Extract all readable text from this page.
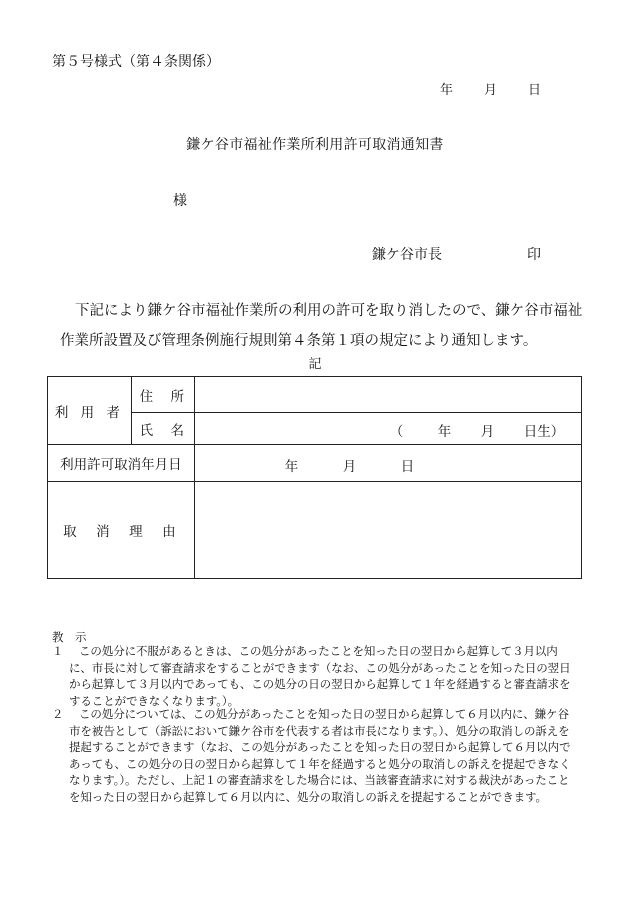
第５号様式（第４条関係）
年 月 日
鎌ケ谷市福祉作業所利用許可取消通知書
様
鎌ケ谷市長	印
下記により鎌ケ谷市福祉作業所の利用の許可を取り消したので、鎌ケ谷市福祉作業所設置及び管理条例施行規則第４条第１項の規定により通知します。
記
利 用 者	住　所	
	氏　名	（ 年 月 日生）

利用許可取消年月日		年 月 日

取　消　理　由		
教　示
１	この処分に不服があるときは、この処分があったことを知った日の翌日から起算して３月以内に、市長に対して審査請求をすることができます（なお、この処分があったことを知った日の翌日から起算して３月以内であっても、この処分の日の翌日から起算して１年を経過すると審査請求をすることができなくなります。）。
２	この処分については、この処分があったことを知った日の翌日から起算して６月以内に、鎌ケ谷市を被告として（訴訟において鎌ケ谷市を代表する者は市長になります。）、処分の取消しの訴えを提起することができます（なお、この処分があったことを知った日の翌日から起算して６月以内であっても、この処分の日の翌日から起算して１年を経過すると処分の取消しの訴えを提起できなくなります。）。ただし、上記１の審査請求をした場合には、当該審査請求に対する裁決があったことを知った日の翌日から起算して６月以内に、処分の取消しの訴えを提起することができます。
